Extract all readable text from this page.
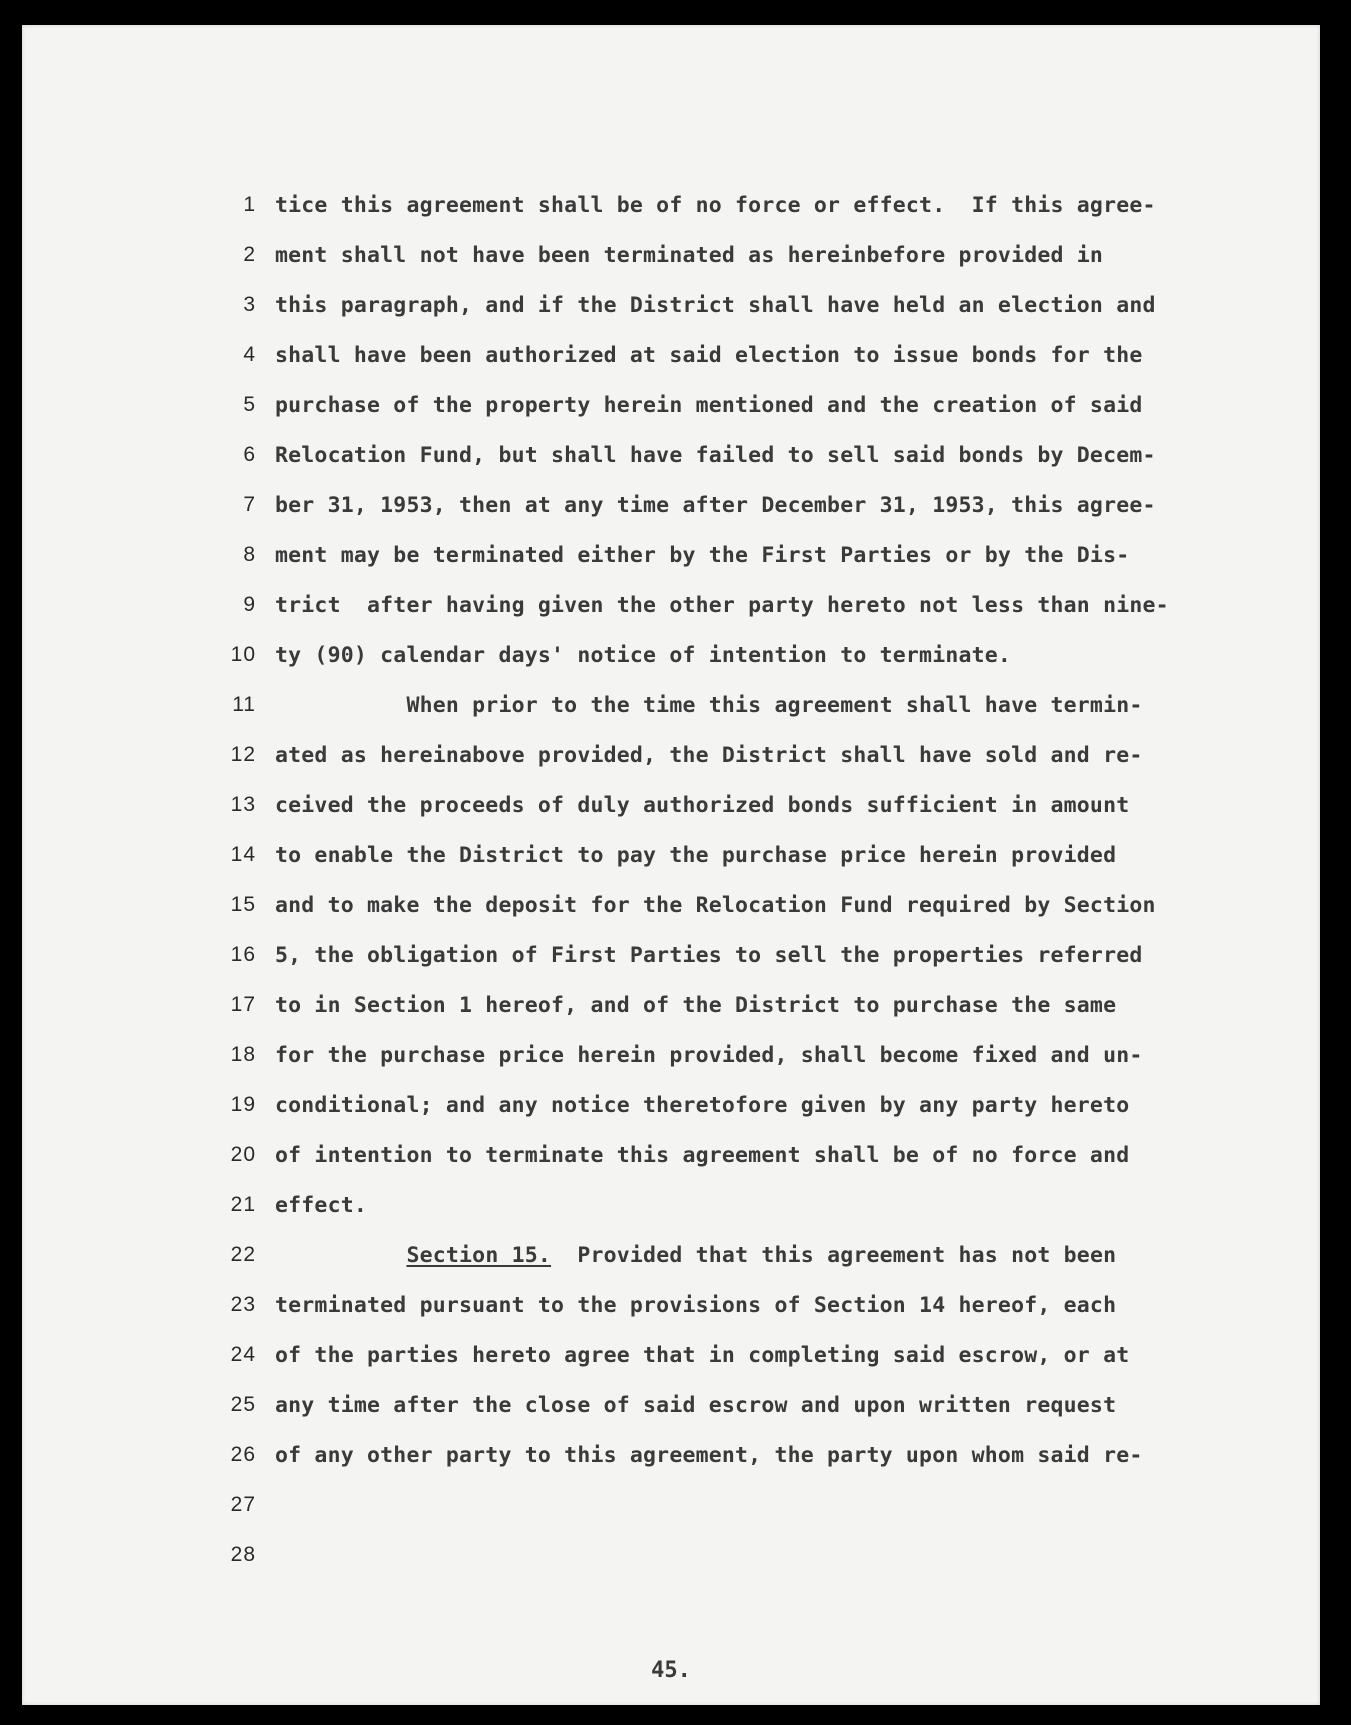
1
2
3
4
5
6
7
8
9
10
11
12
13
14
15
16
17
18
19
20
21
22
23
24
25
26
27
28
tice this agreement shall be of no force or effect.  If this agree-
ment shall not have been terminated as hereinbefore provided in
this paragraph, and if the District shall have held an election and
shall have been authorized at said election to issue bonds for the
purchase of the property herein mentioned and the creation of said
Relocation Fund, but shall have failed to sell said bonds by Decem-
ber 31, 1953, then at any time after December 31, 1953, this agree-
ment may be terminated either by the First Parties or by the Dis-
trict  after having given the other party hereto not less than nine-
ty (90) calendar days' notice of intention to terminate.
When prior to the time this agreement shall have termin-
ated as hereinabove provided, the District shall have sold and re-
ceived the proceeds of duly authorized bonds sufficient in amount
to enable the District to pay the purchase price herein provided
and to make the deposit for the Relocation Fund required by Section
5, the obligation of First Parties to sell the properties referred
to in Section 1 hereof, and of the District to purchase the same
for the purchase price herein provided, shall become fixed and un-
conditional; and any notice theretofore given by any party hereto
of intention to terminate this agreement shall be of no force and
effect.
Section 15.  Provided that this agreement has not been
terminated pursuant to the provisions of Section 14 hereof, each
of the parties hereto agree that in completing said escrow, or at
any time after the close of said escrow and upon written request
of any other party to this agreement, the party upon whom said re-
45.
